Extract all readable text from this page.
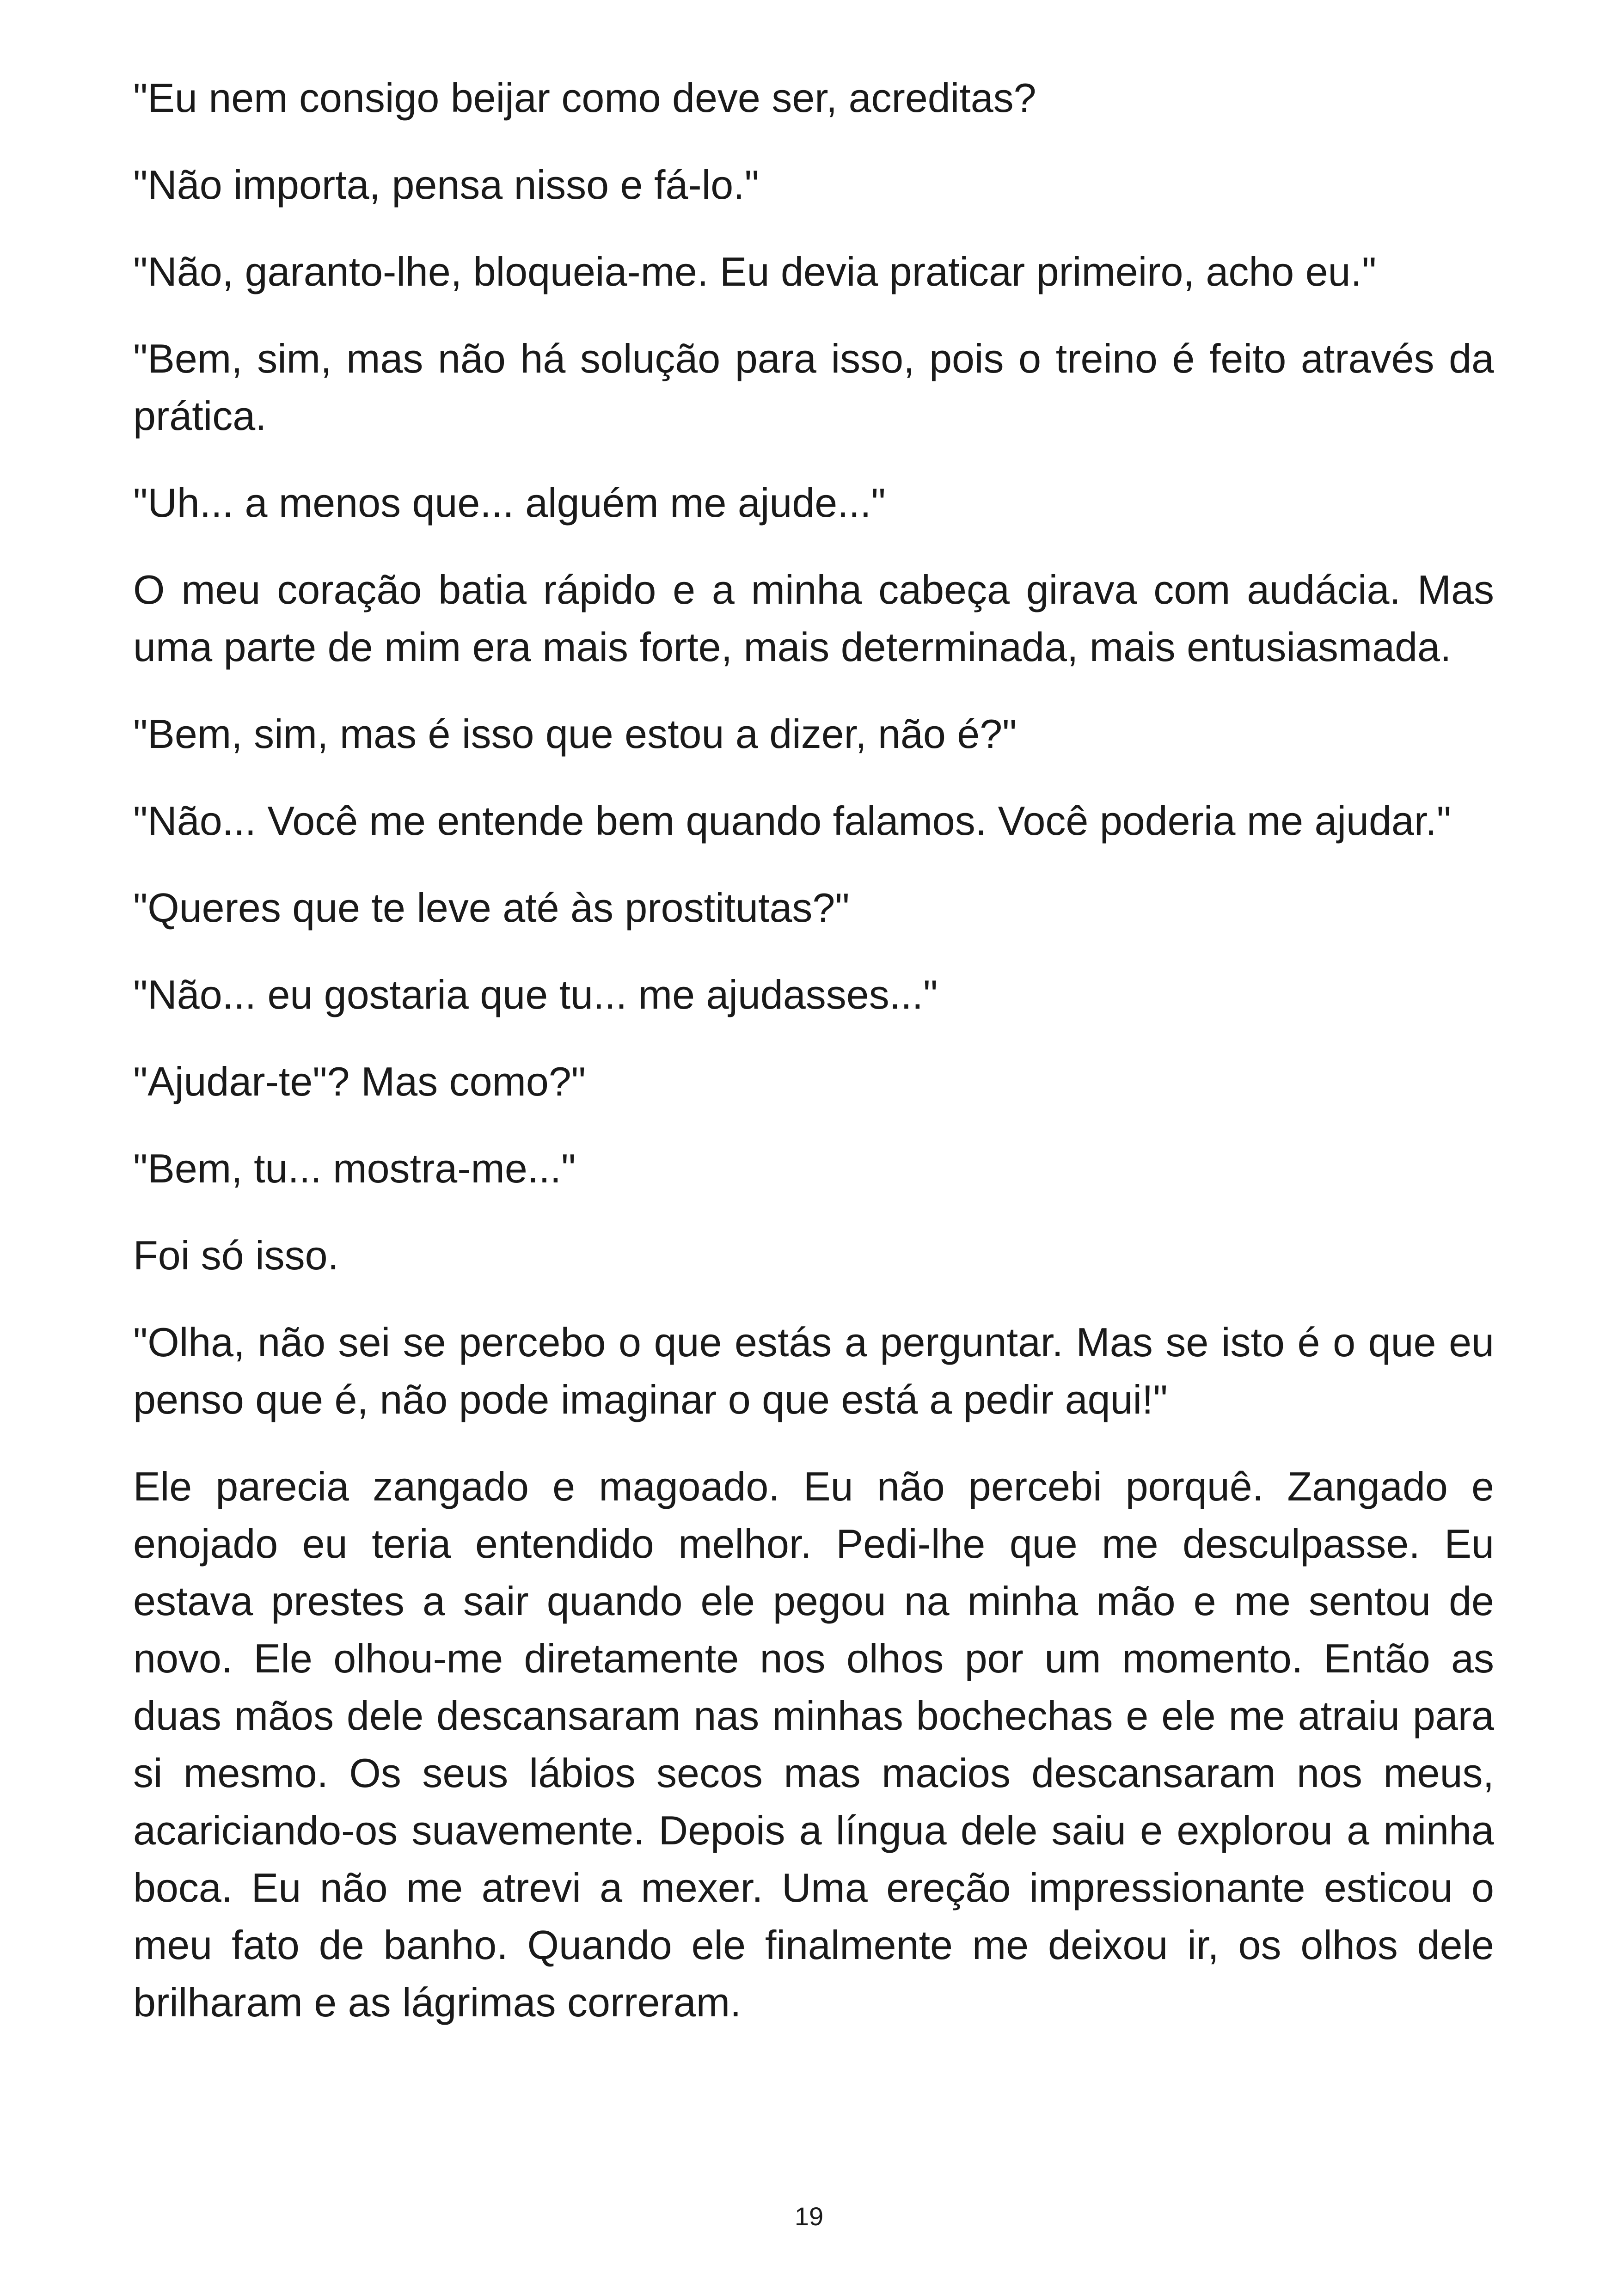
"Eu nem consigo beijar como deve ser, acreditas?

"Não importa, pensa nisso e fá-lo."

"Não, garanto-lhe, bloqueia-me. Eu devia praticar primeiro, acho eu."

"Bem, sim, mas não há solução para isso, pois o treino é feito através da prática.

"Uh... a menos que... alguém me ajude..."

O meu coração batia rápido e a minha cabeça girava com audácia. Mas uma parte de mim era mais forte, mais determinada, mais entusiasmada.

"Bem, sim, mas é isso que estou a dizer, não é?"

"Não... Você me entende bem quando falamos. Você poderia me ajudar."

"Queres que te leve até às prostitutas?"

"Não... eu gostaria que tu... me ajudasses..."

"Ajudar-te"? Mas como?"

"Bem, tu... mostra-me..."

Foi só isso.

"Olha, não sei se percebo o que estás a perguntar. Mas se isto é o que eu penso que é, não pode imaginar o que está a pedir aqui!"

Ele parecia zangado e magoado. Eu não percebi porquê. Zangado e enojado eu teria entendido melhor. Pedi-lhe que me desculpasse. Eu estava prestes a sair quando ele pegou na minha mão e me sentou de novo. Ele olhou-me diretamente nos olhos por um momento. Então as duas mãos dele descansaram nas minhas bochechas e ele me atraiu para si mesmo. Os seus lábios secos mas macios descansaram nos meus, acariciando-os suavemente. Depois a língua dele saiu e explorou a minha boca. Eu não me atrevi a mexer. Uma ereção impressionante esticou o meu fato de banho. Quando ele finalmente me deixou ir, os olhos dele brilharam e as lágrimas correram.

19
